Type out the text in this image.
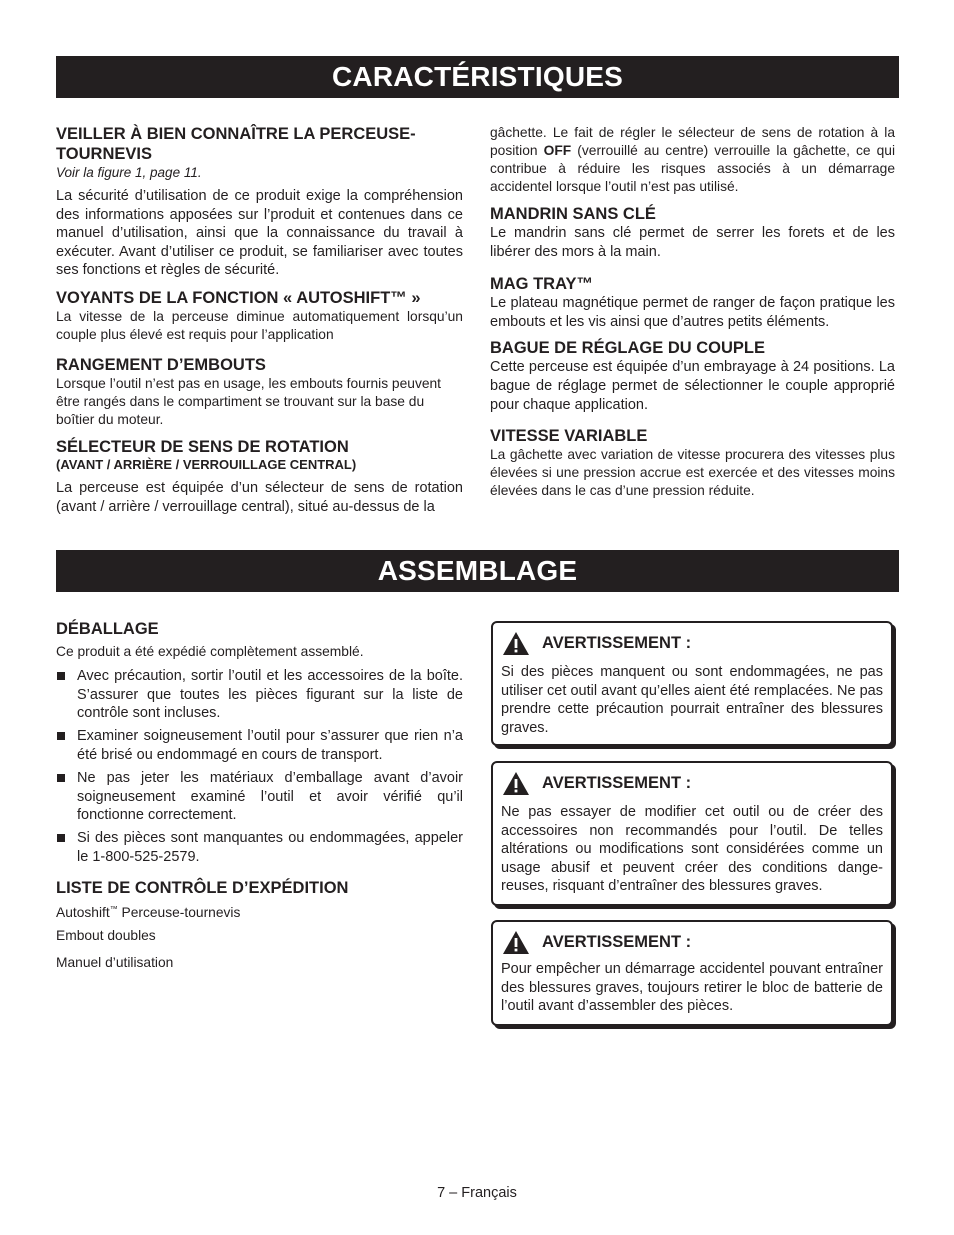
CARACTÉRISTIQUES
VEILLER À BIEN CONNAÎTRE LA PERCEUSE-TOURNEVIS
Voir la figure 1, page 11.

La sécurité d’utilisation de ce produit exige la compréhension des informations apposées sur l’produit et contenues dans ce manuel d’utilisation, ainsi que la connaissance du travail à exécuter. Avant d’utiliser ce produit, se familiariser avec toutes ses fonctions et règles de sécurité.

VOYANTS DE LA FONCTION « AUTOSHIFT™ »

La vitesse de la perceuse diminue automatiquement lorsqu’un couple plus élevé est requis pour l’application

RANGEMENT D’EMBOUTS

Lorsque l’outil n’est pas en usage, les embouts fournis peuvent être rangés dans le compartiment se trouvant sur la base du boîtier du moteur.

SÉLECTEUR DE SENS DE ROTATION
(AVANT / ARRIÈRE / VERROUILLAGE CENTRAL)

La perceuse est équipée d’un sélecteur de sens de rotation (avant / arrière / verrouillage central), situé au-dessus de la

gâchette. Le fait de régler le sélecteur de sens de rotation à la position OFF (verrouillé au centre) verrouille la gâchette, ce qui contribue à réduire les risques associés à un démarrage accidentel lorsque l’outil n’est pas utilisé.

MANDRIN SANS CLÉ

Le mandrin sans clé permet de serrer les forets et de les libérer des mors à la main.

MAG TRAY™

Le plateau magnétique permet de ranger de façon pratique les embouts et les vis ainsi que d’autres petits éléments.

BAGUE DE RÉGLAGE DU COUPLE

Cette perceuse est équipée d’un embrayage à 24 positions. La bague de réglage permet de sélectionner le couple approprié pour chaque application.

VITESSE VARIABLE

La gâchette avec variation de vitesse procurera des vitesses plus élevées si une pression accrue est exercée et des vitesses moins élevées dans le cas d’une pression réduite.

ASSEMBLAGE
DÉBALLAGE
Ce produit a été expédié complètement assemblé.
Avec précaution, sortir l’outil et les accessoires de la boîte. S’assurer que toutes les pièces figurant sur la liste de contrôle sont incluses.
Examiner soigneusement l’outil pour s’assurer que rien n’a été brisé ou endommagé en cours de transport.
Ne pas jeter les matériaux d’emballage avant d’avoir soigneusement examiné l’outil et avoir vérifié qu’il fonctionne correctement.
Si des pièces sont manquantes ou endommagées, appeler le 1-800-525-2579.
LISTE DE CONTRÔLE D’EXPÉDITION
Autoshift™ Perceuse-tournevis
Embout doubles
Manuel d’utilisation
AVERTISSEMENT :

Si des pièces manquent ou sont endommagées, ne pas utiliser cet outil avant qu’elles aient été remplacées. Ne pas prendre cette précaution pourrait entraîner des blessures graves.

AVERTISSEMENT :

Ne pas essayer de modifier cet outil ou de créer des accessoires non recommandés pour l’outil. De telles altérations ou modifications sont considérées comme un usage abusif et peuvent créer des conditions dange-reuses, risquant d’entraîner des blessures graves.

AVERTISSEMENT :

Pour empêcher un démarrage accidentel pouvant entraîner des blessures graves, toujours retirer le bloc de batterie de l’outil avant d’assembler des pièces.

7 – Français
